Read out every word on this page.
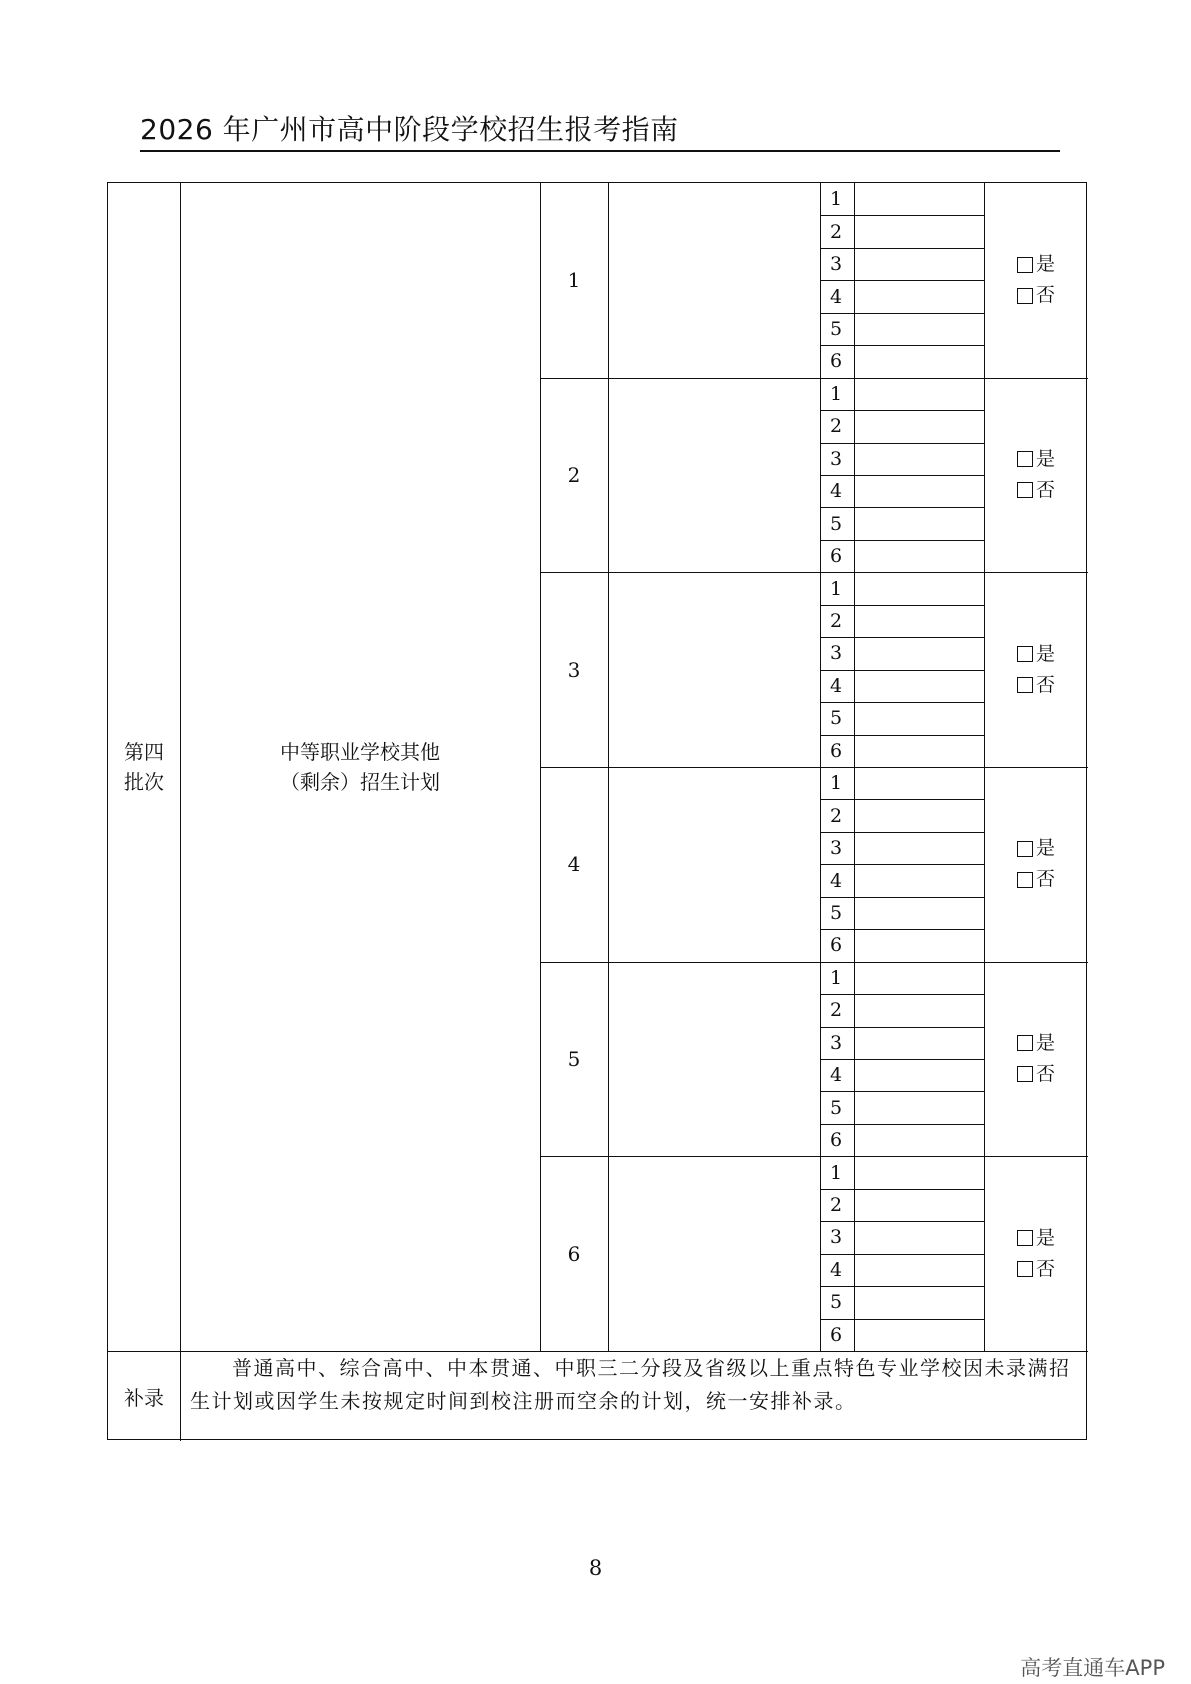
2026 年广州市高中阶段学校招生报考指南
第四
批次
中等职业学校其他
（剩余）招生计划
补录
1
1
2
3
4
5
6
是
否
2
1
2
3
4
5
6
是
否
3
1
2
3
4
5
6
是
否
4
1
2
3
4
5
6
是
否
5
1
2
3
4
5
6
是
否
6
1
2
3
4
5
6
是
否
普通高中、综合高中、中本贯通、中职三二分段及省级以上重点特色专业学校因未录满招生计划或因学生未按规定时间到校注册而空余的计划，统一安排补录。
8
高考直通车APP
